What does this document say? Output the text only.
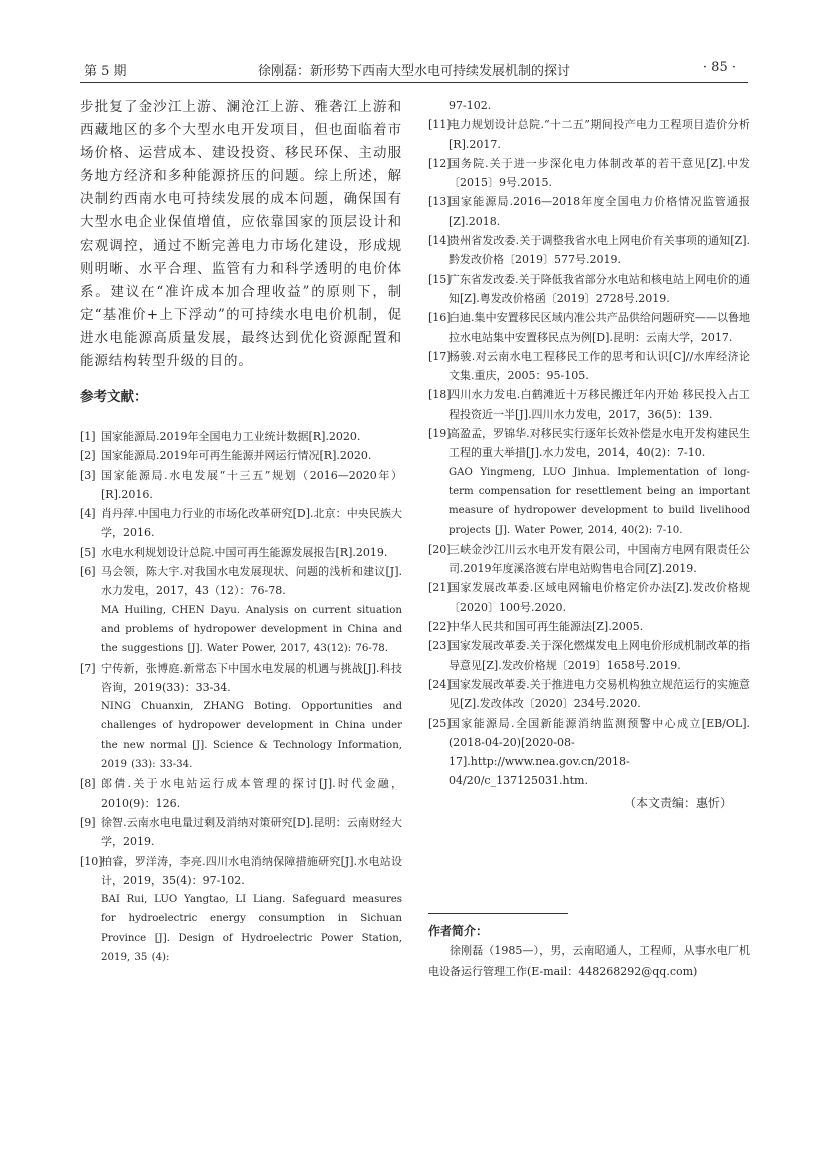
第 5 期	徐刚磊：新形势下西南大型水电可持续发展机制的探讨	· 85 ·

步批复了金沙江上游、澜沧江上游、雅砻江上游和西藏地区的多个大型水电开发项目，但也面临着市场价格、运营成本、建设投资、移民环保、主动服务地方经济和多种能源挤压的问题。综上所述，解决制约西南水电可持续发展的成本问题，确保国有大型水电企业保值增值，应依靠国家的顶层设计和宏观调控，通过不断完善电力市场化建设，形成规则明晰、水平合理、监管有力和科学透明的电价体系。建议在“准许成本加合理收益”的原则下，制定“基准价+上下浮动”的可持续水电电价机制，促进水电能源高质量发展，最终达到优化资源配置和能源结构转型升级的目的。

参考文献：

[1] 国家能源局.2019年全国电力工业统计数据[R].2020.

[2] 国家能源局.2019年可再生能源并网运行情况[R].2020.

[3] 国家能源局.水电发展“十三五”规划（2016—2020年）[R].2016.

[4] 肖丹萍.中国电力行业的市场化改革研究[D].北京：中央民族大学，2016.

[5] 水电水利规划设计总院.中国可再生能源发展报告[R].2019.

[6] 马会领，陈大宇.对我国水电发展现状、问题的浅析和建议[J].水力发电，2017，43（12）：76-78.

MA Huiling, CHEN Dayu. Analysis on current situation and problems of hydropower development in China and the suggestions [J]. Water Power, 2017, 43(12): 76-78.

[7] 宁传新，张博庭.新常态下中国水电发展的机遇与挑战[J].科技咨询，2019(33)：33-34.

NING Chuanxin, ZHANG Boting. Opportunities and challenges of hydropower development in China under the new normal [J]. Science & Technology Information, 2019 (33): 33-34.

[8] 郎倩.关于水电站运行成本管理的探讨[J].时代金融，2010(9)：126.

[9] 徐智.云南水电电量过剩及消纳对策研究[D].昆明：云南财经大学，2019.

[10]
柏睿，罗洋涛，李亮.四川水电消纳保障措施研究[J].水电站设计，2019，35(4)：97-102.

BAI Rui, LUO Yangtao, LI Liang. Safeguard measures for hydroelectric energy consumption in Sichuan Province [J]. Design of Hydroelectric Power Station, 2019, 35 (4):

97-102.

[11]
电力规划设计总院.“十二五”期间投产电力工程项目造价分析[R].2017.

[12]
国务院.关于进一步深化电力体制改革的若干意见[Z].中发〔2015〕9号.2015.

[13]
国家能源局.2016—2018年度全国电力价格情况监管通报[Z].2018.

[14]
贵州省发改委.关于调整我省水电上网电价有关事项的通知[Z].黔发改价格〔2019〕577号.2019.

[15]
广东省发改委.关于降低我省部分水电站和核电站上网电价的通知[Z].粤发改价格函〔2019〕2728号.2019.

[16]
白迪.集中安置移民区域内准公共产品供给问题研究——以鲁地拉水电站集中安置移民点为例[D].昆明：云南大学，2017.

[17]
杨骏.对云南水电工程移民工作的思考和认识[C]//水库经济论文集.重庆，2005：95-105.

[18]
四川水力发电.白鹤滩近十万移民搬迁年内开始 移民投入占工程投资近一半[J].四川水力发电，2017，36(5)：139.

[19]
高盈孟，罗锦华.对移民实行逐年长效补偿是水电开发构建民生工程的重大举措[J].水力发电，2014，40(2)：7-10.

GAO Yingmeng, LUO Jinhua. Implementation of long-term compensation for resettlement being an important measure of hydropower development to build livelihood projects [J]. Water Power, 2014, 40(2): 7-10.

[20]
三峡金沙江川云水电开发有限公司，中国南方电网有限责任公司.2019年度溪洛渡右岸电站购售电合同[Z].2019.

[21]
国家发展改革委.区域电网输电价格定价办法[Z].发改价格规〔2020〕100号.2020.

[22]
中华人民共和国可再生能源法[Z].2005.

[23]
国家发展改革委.关于深化燃煤发电上网电价形成机制改革的指导意见[Z].发改价格规〔2019〕1658号.2019.

[24]
国家发展改革委.关于推进电力交易机构独立规范运行的实施意见[Z].发改体改〔2020〕234号.2020.

[25]
国家能源局.全国新能源消纳监测预警中心成立[EB/OL].(2018-04-20)[2020-08-17].http://www.nea.gov.cn/2018-04/20/c_137125031.htm.

（本文责编：惠忻）
作者简介：

徐刚磊（1985—），男，云南昭通人，工程师，从事水电厂机电设备运行管理工作(E-mail：448268292@qq.com)
